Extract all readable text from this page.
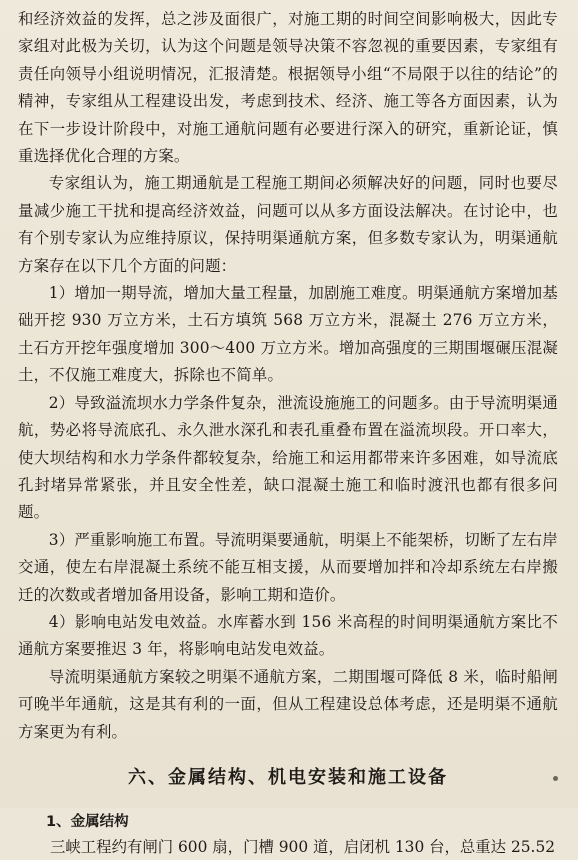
和经济效益的发挥，总之涉及面很广，对施工期的时间空间影响极大，因此专家组对此极为关切，认为这个问题是领导决策不容忽视的重要因素，专家组有责任向领导小组说明情况，汇报清楚。根据领导小组“不局限于以往的结论”的精神，专家组从工程建设出发，考虑到技术、经济、施工等各方面因素，认为在下一步设计阶段中，对施工通航问题有必要进行深入的研究，重新论证，慎重选择优化合理的方案。

专家组认为，施工期通航是工程施工期间必须解决好的问题，同时也要尽量减少施工干扰和提高经济效益，问题可以从多方面设法解决。在讨论中，也有个别专家认为应维持原议，保持明渠通航方案，但多数专家认为，明渠通航方案存在以下几个方面的问题：

1）增加一期导流，增加大量工程量，加剧施工难度。明渠通航方案增加基础开挖 930 万立方米，土石方填筑 568 万立方米，混凝土 276 万立方米，土石方开挖年强度增加 300～400 万立方米。增加高强度的三期围堰碾压混凝土，不仅施工难度大，拆除也不简单。

2）导致溢流坝水力学条件复杂，泄流设施施工的问题多。由于导流明渠通航，势必将导流底孔、永久泄水深孔和表孔重叠布置在溢流坝段。开口率大，使大坝结构和水力学条件都较复杂，给施工和运用都带来许多困难，如导流底孔封堵异常紧张，并且安全性差，缺口混凝土施工和临时渡汛也都有很多问题。

3）严重影响施工布置。导流明渠要通航，明渠上不能架桥，切断了左右岸交通，使左右岸混凝土系统不能互相支援，从而要增加拌和冷却系统左右岸搬迁的次数或者增加备用设备，影响工期和造价。

4）影响电站发电效益。水库蓄水到 156 米高程的时间明渠通航方案比不通航方案要推迟 3 年，将影响电站发电效益。

导流明渠通航方案较之明渠不通航方案，二期围堰可降低 8 米，临时船闸可晚半年通航，这是其有利的一面，但从工程建设总体考虑，还是明渠不通航方案更为有利。

六、金属结构、机电安装和施工设备
1、金属结构

三峡工程约有闸门 600 扇，门槽 900 道，启闭机 130 台，总重达 25.52
